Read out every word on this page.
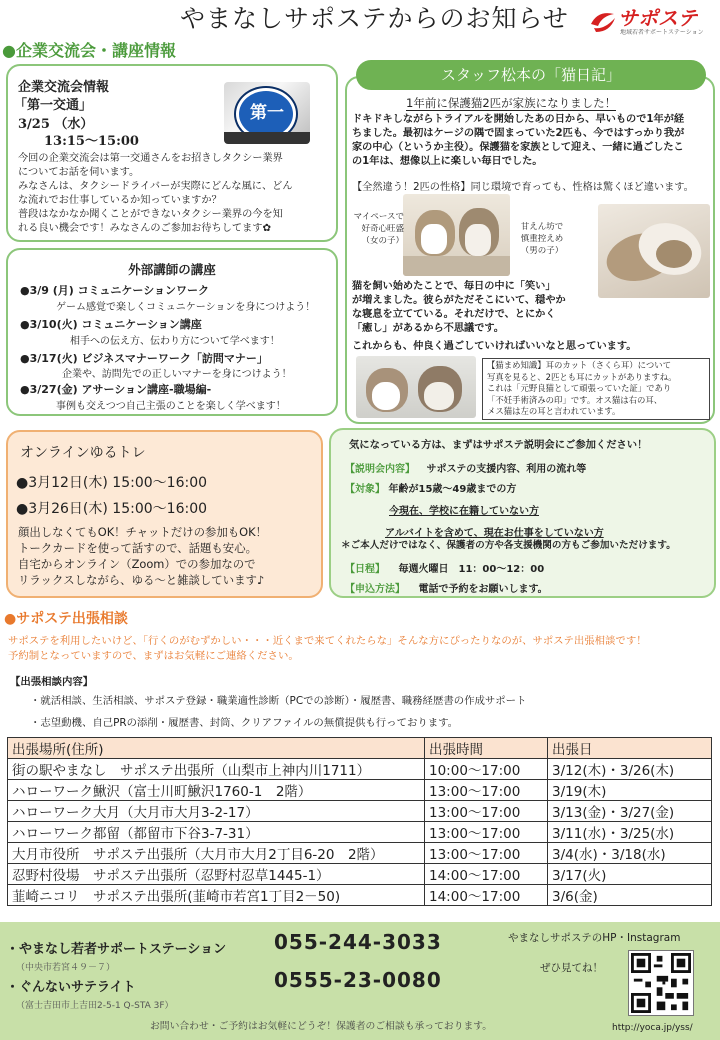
やまなしサポステからのお知らせ サポステ
地域若者サポートステーション
●企業交流会・講座情報
企業交流会情報
「第一交通」
3/25 （水）
13:15～15:00
第一
今回の企業交流会は第一交通さんをお招きしタクシー業界
についてお話を伺います。
みなさんは、タクシードライバーが実際にどんな風に、どん
な流れでお仕事しているか知っていますか？
普段はなかなか聞くことができないタクシー業界の今を知
れる良い機会です！みなさんのご参加お待ちしてます✿
外部講師の講座
●3/9 (月) コミュニケーションワーク
ゲーム感覚で楽しくコミュニケーションを身につけよう！
●3/10(火) コミュニケーション講座
相手への伝え方、伝わり方について学べます！
●3/17(火) ビジネスマナーワーク「訪問マナー」
企業や、訪問先での正しいマナーを身につけよう！
●3/27(金) アサーション講座-職場編-
事例も交えつつ自己主張のことを楽しく学べます！
スタッフ松本の「猫日記」
1年前に保護猫2匹が家族になりました！
ドキドキしながらトライアルを開始したあの日から、早いもので1年が経
ちました。最初はケージの隅で固まっていた2匹も、今ではすっかり我が
家の中心（というか主役）。保護猫を家族として迎え、一緒に過ごしたこ
の1年は、想像以上に楽しい毎日でした。
【全然違う！2匹の性格】同じ環境で育っても、性格は驚くほど違います。
マイペースで
好奇心旺盛
（女の子）
甘えん坊で
慎重控えめ
（男の子）
猫を飼い始めたことで、毎日の中に「笑い」
が増えました。彼らがただそこにいて、穏やか
な寝息を立てている。それだけで、とにかく
「癒し」があるから不思議です。
これからも、仲良く過ごしていければいいなと思っています。
【猫まめ知識】耳のカット（さくら耳）について
写真を見ると、2匹とも耳にカットがありますね。
これは「元野良猫として頑張っていた証」であり
「不妊手術済みの印」です。オス猫は右の耳、
メス猫は左の耳と言われています。
オンラインゆるトレ
●3月12日(木) 15:00～16:00
●3月26日(木) 15:00～16:00
顔出しなくてもOK！チャットだけの参加もOK！
トークカードを使って話すので、話題も安心。
自宅からオンライン（Zoom）での参加なので
リラックスしながら、ゆる～と雑談しています♪
気になっている方は、まずはサポステ説明会にご参加ください！
【説明会内容】 サポステの支援内容、利用の流れ等
【対象】 年齢が15歳～49歳までの方
今現在、学校に在籍していない方
アルバイトを含めて、現在お仕事をしていない方
＊ご本人だけではなく、保護者の方や各支援機関の方もご参加いただけます。
【日程】 毎週火曜日　11：00～12：00
【申込方法】 電話で予約をお願いします。
●サポステ出張相談
サポステを利用したいけど、「行くのがむずかしい・・・近くまで来てくれたらな」そんな方にぴったりなのが、サポステ出張相談です！
予約制となっていますので、まずはお気軽にご連絡ください。
【出張相談内容】
・就活相談、生活相談、サポステ登録・職業適性診断（PCでの診断）・履歴書、職務経歴書の作成サポート
・志望動機、自己PRの添削・履歴書、封筒、クリアファイルの無償提供も行っております。
出張場所(住所)	出張時間	出張日
街の駅やまなし　サポステ出張所（山梨市上神内川1711）	10:00～17:00	3/12(木)・3/26(木)
ハローワーク鰍沢（富士川町鰍沢1760-1　2階）	13:00～17:00	3/19(木)
ハローワーク大月（大月市大月3-2-17）	13:00～17:00	3/13(金)・3/27(金)
ハローワーク都留（都留市下谷3-7-31）	13:00～17:00	3/11(水)・3/25(水)
大月市役所　サポステ出張所（大月市大月2丁目6-20　2階）	13:00～17:00	3/4(水)・3/18(水)
忍野村役場　サポステ出張所（忍野村忍草1445-1）	14:00～17:00	3/17(火)
韮崎ニコリ　サポステ出張所(韮崎市若宮1丁目2－50)	14:00～17:00	3/6(金)
・やまなし若者サポートステーション
（中央市若宮４９－７）
055-244-3033
・ぐんないサテライト
（富士吉田市上吉田2-5-1 Q-STA 3F）
0555-23-0080
やまなしサポステのHP・Instagram
ぜひ見てね！
お問い合わせ・ご予約はお気軽にどうぞ！保護者のご相談も承っております。	http://yoca.jp/yss/
